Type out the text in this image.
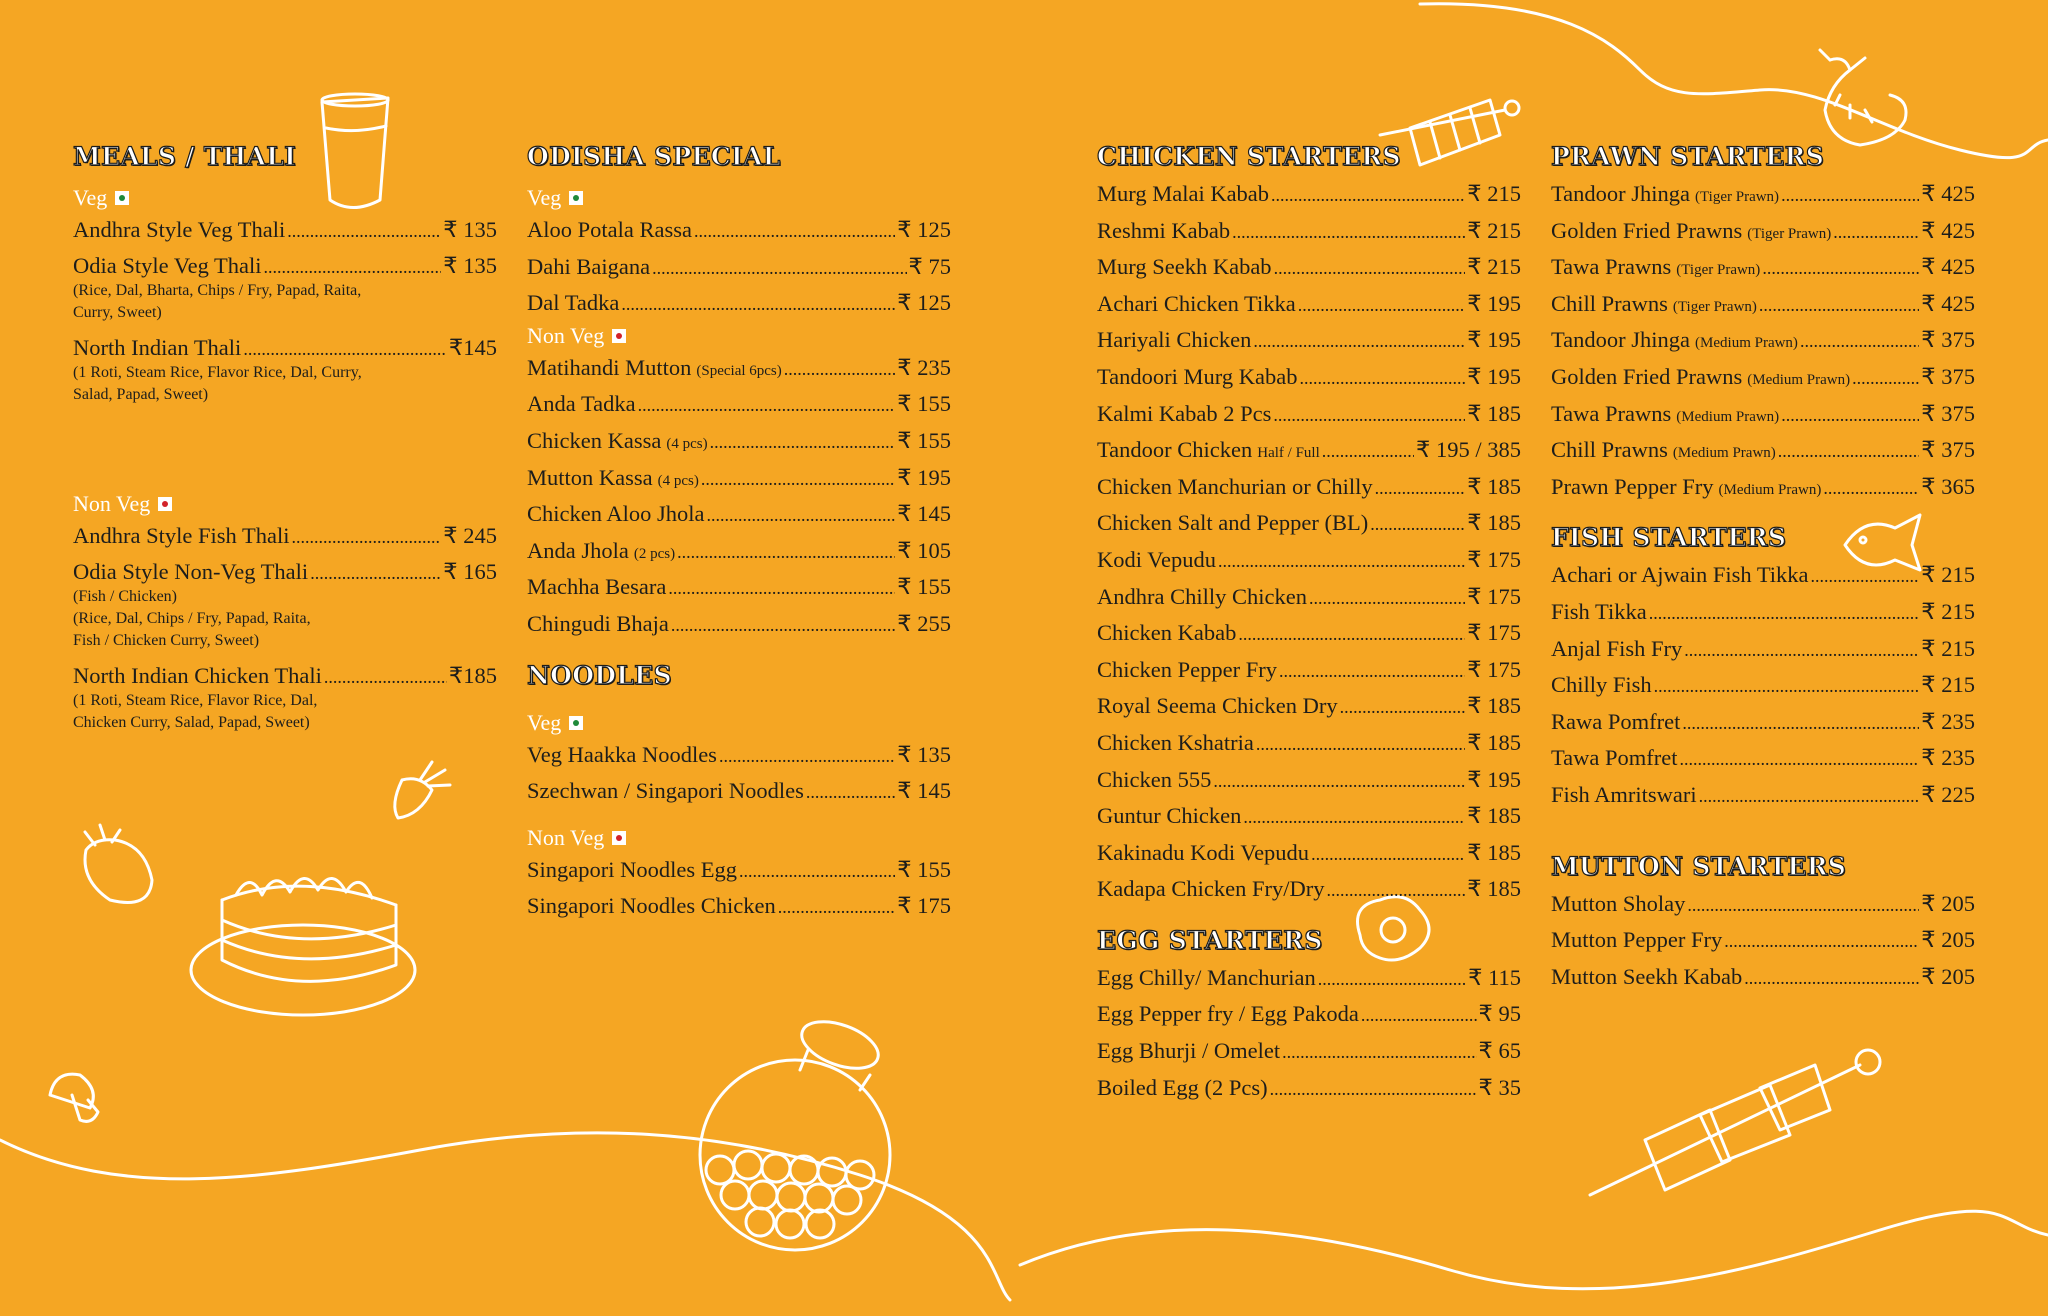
MEALS / THALI
Veg
Andhra Style Veg Thali .....	₹ 135
Odia Style Veg Thali .....	₹ 135
(Rice, Dal, Bharta, Chips / Fry, Papad, Raita,
Curry, Sweet)
North Indian Thali .....	₹145
(1 Roti, Steam Rice, Flavor Rice, Dal, Curry,
Salad, Papad, Sweet)
Non Veg
Andhra Style Fish Thali .....	₹ 245
Odia Style Non-Veg Thali .....	₹ 165
(Fish / Chicken)
(Rice, Dal, Chips / Fry, Papad, Raita,
Fish / Chicken Curry, Sweet)
North Indian Chicken Thali .....	₹185
(1 Roti, Steam Rice, Flavor Rice, Dal,
Chicken Curry, Salad, Papad, Sweet)
ODISHA SPECIAL
Veg
Aloo Potala Rassa .....	₹ 125
Dahi Baigana .....	₹ 75
Dal Tadka .....	₹ 125
Non Veg
Matihandi Mutton (Special 6pcs) .....	₹ 235
Anda Tadka .....	₹ 155
Chicken Kassa (4 pcs) .....	₹ 155
Mutton Kassa (4 pcs) .....	₹ 195
Chicken Aloo Jhola .....	₹ 145
Anda Jhola (2 pcs) .....	₹ 105
Machha Besara .....	₹ 155
Chingudi Bhaja .....	₹ 255
NOODLES
Veg
Veg Haakka Noodles .....	₹ 135
Szechwan / Singapori Noodles .....	₹ 145
Non Veg
Singapori Noodles Egg .....	₹ 155
Singapori Noodles Chicken .....	₹ 175
CHICKEN STARTERS
Murg Malai Kabab .....	₹ 215
Reshmi Kabab .....	₹ 215
Murg Seekh Kabab .....	₹ 215
Achari Chicken Tikka .....	₹ 195
Hariyali Chicken .....	₹ 195
Tandoori Murg Kabab .....	₹ 195
Kalmi Kabab 2 Pcs .....	₹ 185
Tandoor Chicken Half / Full .....	₹ 195 / 385
Chicken Manchurian or Chilly .....	₹ 185
Chicken Salt and Pepper (BL) .....	₹ 185
Kodi Vepudu .....	₹ 175
Andhra Chilly Chicken .....	₹ 175
Chicken Kabab .....	₹ 175
Chicken Pepper Fry .....	₹ 175
Royal Seema Chicken Dry .....	₹ 185
Chicken Kshatria .....	₹ 185
Chicken 555 .....	₹ 195
Guntur Chicken .....	₹ 185
Kakinadu Kodi Vepudu .....	₹ 185
Kadapa Chicken Fry/Dry .....	₹ 185
EGG STARTERS
Egg Chilly/ Manchurian .....	₹ 115
Egg Pepper fry / Egg Pakoda .....	₹ 95
Egg Bhurji / Omelet .....	₹ 65
Boiled Egg (2 Pcs) .....	₹ 35
PRAWN STARTERS
Tandoor Jhinga (Tiger Prawn) .....	₹ 425
Golden Fried Prawns (Tiger Prawn) .....	₹ 425
Tawa Prawns (Tiger Prawn) .....	₹ 425
Chill Prawns (Tiger Prawn) .....	₹ 425
Tandoor Jhinga (Medium Prawn) .....	₹ 375
Golden Fried Prawns (Medium Prawn) .....	₹ 375
Tawa Prawns (Medium Prawn) .....	₹ 375
Chill Prawns (Medium Prawn) .....	₹ 375
Prawn Pepper Fry (Medium Prawn) .....	₹ 365
FISH STARTERS
Achari or Ajwain Fish Tikka .....	₹ 215
Fish Tikka .....	₹ 215
Anjal Fish Fry .....	₹ 215
Chilly Fish .....	₹ 215
Rawa Pomfret .....	₹ 235
Tawa Pomfret .....	₹ 235
Fish Amritswari .....	₹ 225
MUTTON STARTERS
Mutton Sholay .....	₹ 205
Mutton Pepper Fry .....	₹ 205
Mutton Seekh Kabab .....	₹ 205
